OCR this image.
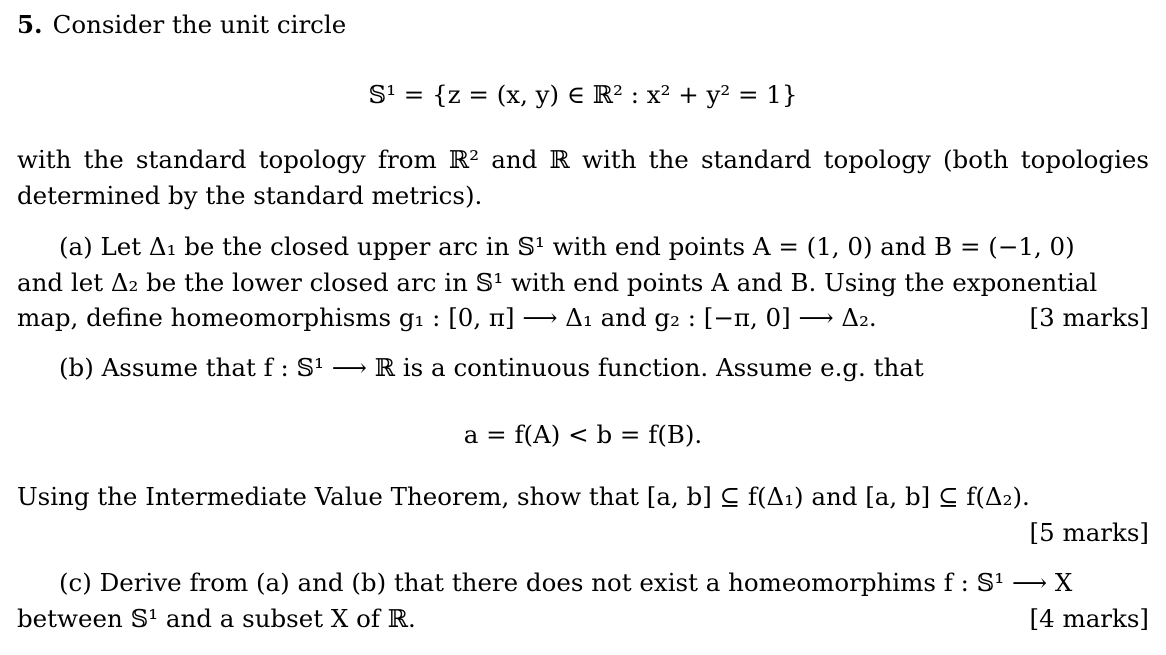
5. Consider the unit circle
𝕊¹ = {z = (x, y) ∈ ℝ² : x² + y² = 1}
with the standard topology from ℝ² and ℝ with the standard topology (both topologies determined by the standard metrics).
(a) Let Δ₁ be the closed upper arc in 𝕊¹ with end points A = (1, 0) and B = (−1, 0)
and let Δ₂ be the lower closed arc in 𝕊¹ with end points A and B. Using the exponential
map, define homeomorphisms g₁ : [0, π] ⟶ Δ₁ and g₂ : [−π, 0] ⟶ Δ₂.	[3 marks]
(b) Assume that f : 𝕊¹ ⟶ ℝ is a continuous function. Assume e.g. that
a = f(A) < b = f(B).
Using the Intermediate Value Theorem, show that [a, b] ⊆ f(Δ₁) and [a, b] ⊆ f(Δ₂).
[5 marks]
(c) Derive from (a) and (b) that there does not exist a homeomorphims f : 𝕊¹ ⟶ X
between 𝕊¹ and a subset X of ℝ.	[4 marks]
